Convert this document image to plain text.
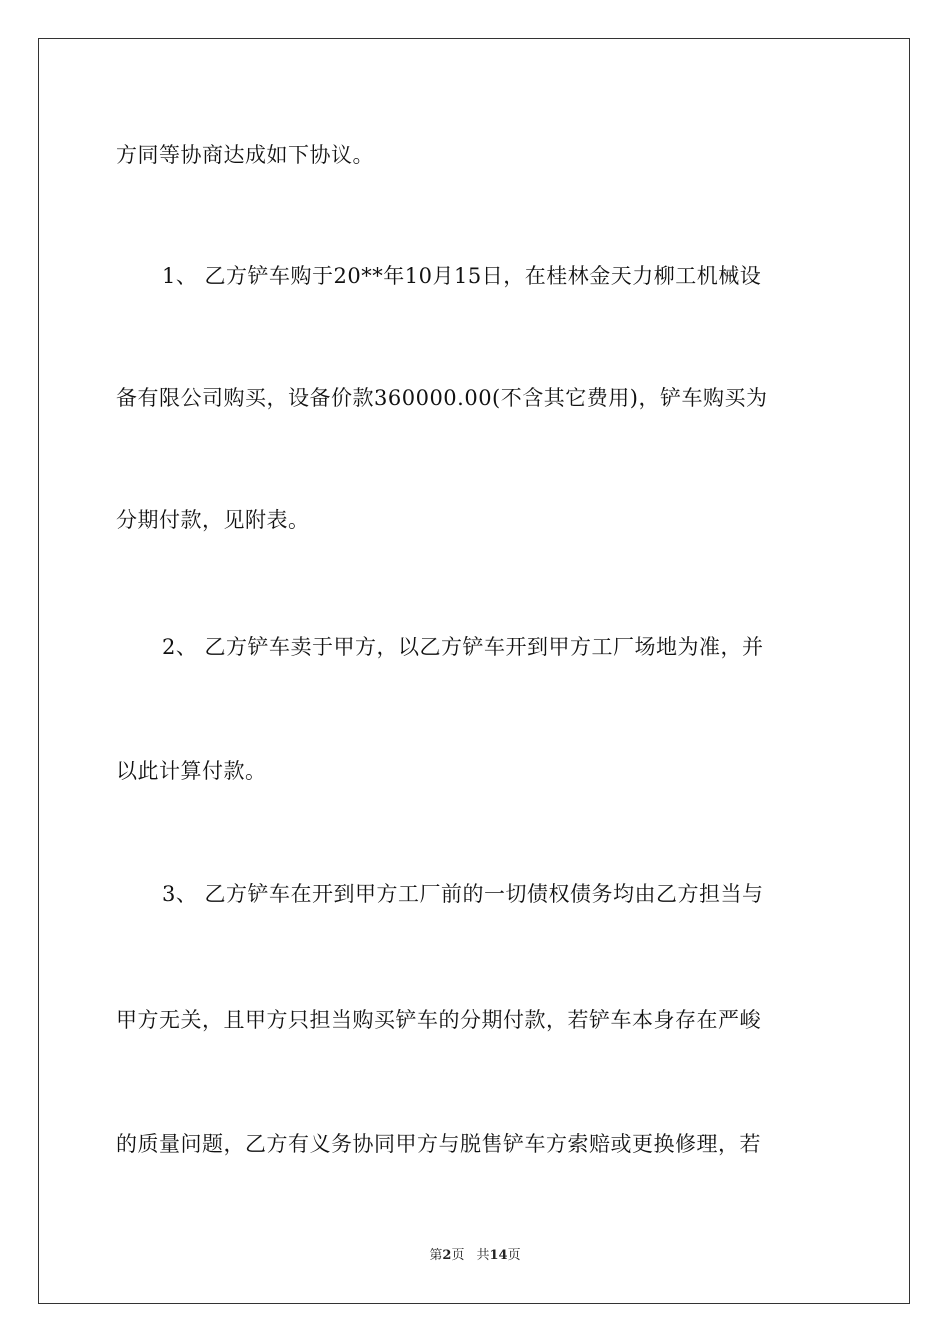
方同等协商达成如下协议。
1、 乙方铲车购于20**年10月15日，在桂林金天力柳工机械设
备有限公司购买，设备价款360000.00(不含其它费用)，铲车购买为
分期付款，见附表。
2、 乙方铲车卖于甲方，以乙方铲车开到甲方工厂场地为准，并
以此计算付款。
3、 乙方铲车在开到甲方工厂前的一切债权债务均由乙方担当与
甲方无关，且甲方只担当购买铲车的分期付款，若铲车本身存在严峻
的质量问题，乙方有义务协同甲方与脱售铲车方索赔或更换修理，若
第2页 共14页
